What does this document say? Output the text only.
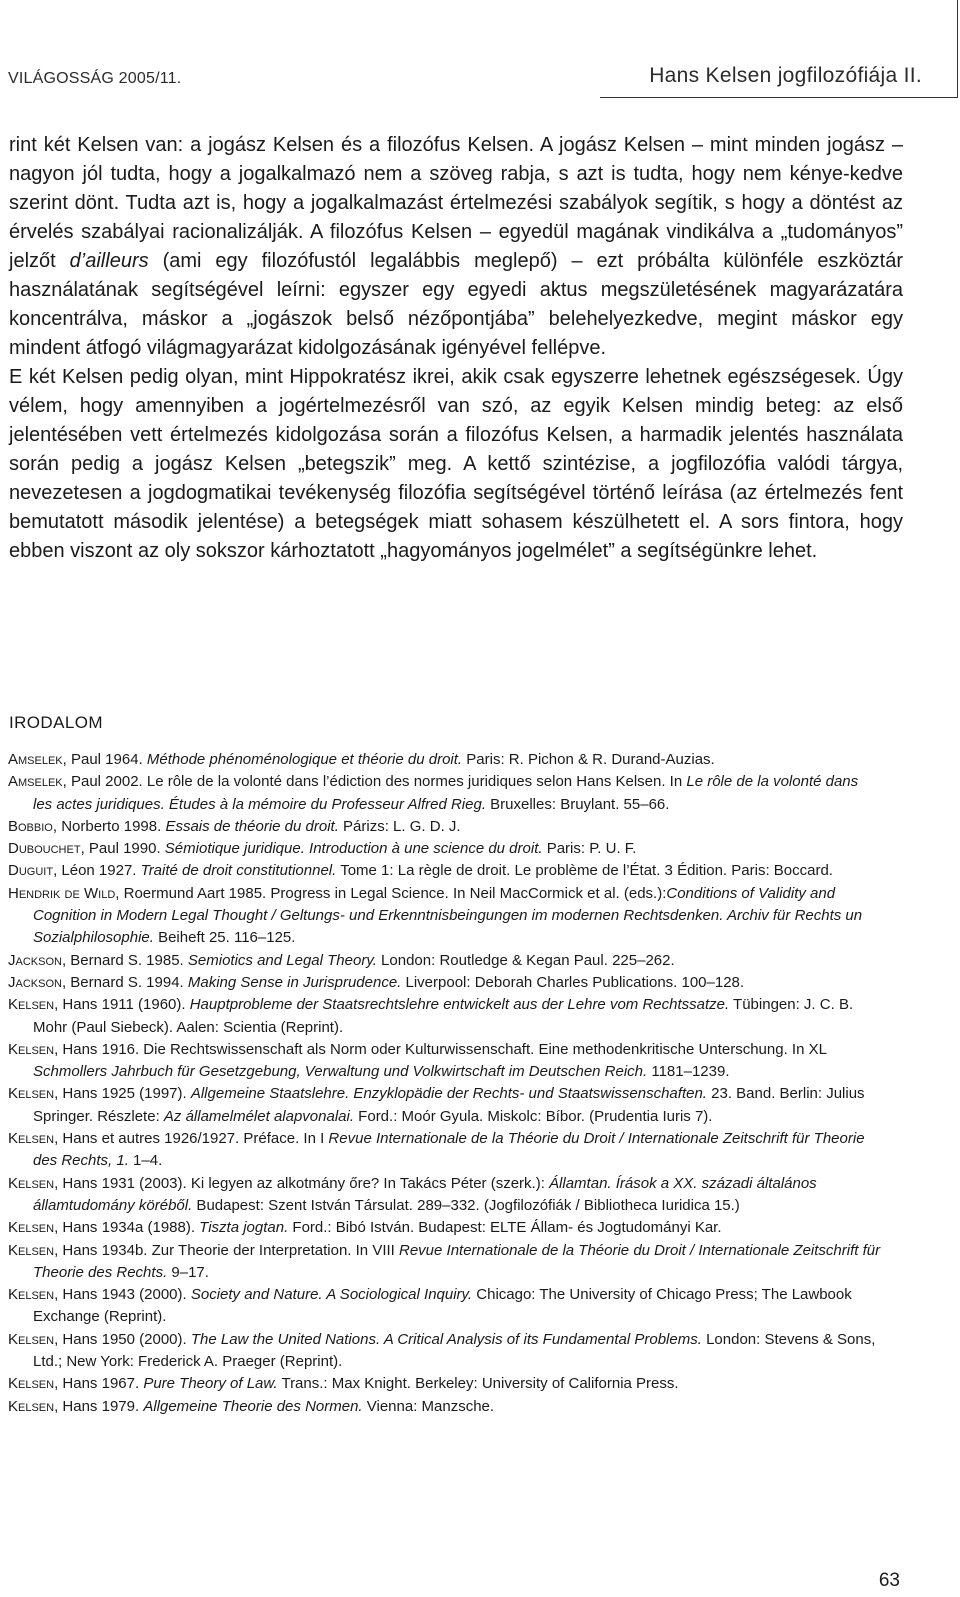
VILÁGOSSÁG 2005/11.	Hans Kelsen jogfilozófiája II.

rint két Kelsen van: a jogász Kelsen és a filozófus Kelsen. A jogász Kelsen – mint minden jogász – nagyon jól tudta, hogy a jogalkalmazó nem a szöveg rabja, s azt is tudta, hogy nem kénye-kedve szerint dönt. Tudta azt is, hogy a jogalkalmazást értelmezési szabályok segítik, s hogy a döntést az érvelés szabályai racionalizálják. A filozófus Kelsen – egyedül magának vindikálva a „tudományos” jelzőt d’ailleurs (ami egy filozófustól legalábbis meglepő) – ezt próbálta különféle eszköztár használatának segítségével leírni: egyszer egy egyedi aktus megszületésének magyarázatára koncentrálva, máskor a „jogászok belső nézőpontjába” belehelyezkedve, megint máskor egy mindent átfogó világmagyarázat kidolgozásának igényével fellépve.

E két Kelsen pedig olyan, mint Hippokratész ikrei, akik csak egyszerre lehetnek egészségesek. Úgy vélem, hogy amennyiben a jogértelmezésről van szó, az egyik Kelsen mindig beteg: az első jelentésében vett értelmezés kidolgozása során a filozófus Kelsen, a harmadik jelentés használata során pedig a jogász Kelsen „betegszik” meg. A kettő szintézise, a jogfilozófia valódi tárgya, nevezetesen a jogdogmatikai tevékenység filozófia segítségével történő leírása (az értelmezés fent bemutatott második jelentése) a betegségek miatt sohasem készülhetett el. A sors fintora, hogy ebben viszont az oly sokszor kárhoztatott „hagyományos jogelmélet” a segítségünkre lehet.

IRODALOM
Amselek, Paul 1964. Méthode phénoménologique et théorie du droit. Paris: R. Pichon & R. Durand-Auzias.
Amselek, Paul 2002. Le rôle de la volonté dans l’édiction des normes juridiques selon Hans Kelsen. In Le rôle de la volonté dans les actes juridiques. Études à la mémoire du Professeur Alfred Rieg. Bruxelles: Bruylant. 55–66.
Bobbio, Norberto 1998. Essais de théorie du droit. Párizs: L. G. D. J.
Dubouchet, Paul 1990. Sémiotique juridique. Introduction à une science du droit. Paris: P. U. F.
Duguit, Léon 1927. Traité de droit constitutionnel. Tome 1: La règle de droit. Le problème de l’État. 3 Édition. Paris: Boccard.
Hendrik de Wild, Roermund Aart 1985. Progress in Legal Science. In Neil MacCormick et al. (eds.):Conditions of Validity and Cognition in Modern Legal Thought / Geltungs- und Erkenntnisbeingungen im modernen Rechtsdenken. Archiv für Rechts un Sozialphilosophie. Beiheft 25. 116–125.
Jackson, Bernard S. 1985. Semiotics and Legal Theory. London: Routledge & Kegan Paul. 225–262.
Jackson, Bernard S. 1994. Making Sense in Jurisprudence. Liverpool: Deborah Charles Publications. 100–128.
Kelsen, Hans 1911 (1960). Hauptprobleme der Staatsrechtslehre entwickelt aus der Lehre vom Rechtssatze. Tübingen: J. C. B. Mohr (Paul Siebeck). Aalen: Scientia (Reprint).
Kelsen, Hans 1916. Die Rechtswissenschaft als Norm oder Kulturwissenschaft. Eine methodenkritische Unterschung. In XL Schmollers Jahrbuch für Gesetzgebung, Verwaltung und Volkwirtschaft im Deutschen Reich. 1181–1239.
Kelsen, Hans 1925 (1997). Allgemeine Staatslehre. Enzyklopädie der Rechts- und Staatswissenschaften. 23. Band. Berlin: Julius Springer. Részlete: Az államelmélet alapvonalai. Ford.: Moór Gyula. Miskolc: Bíbor. (Prudentia Iuris 7).
Kelsen, Hans et autres 1926/1927. Préface. In I Revue Internationale de la Théorie du Droit / Internationale Zeitschrift für Theorie des Rechts, 1. 1–4.
Kelsen, Hans 1931 (2003). Ki legyen az alkotmány őre? In Takács Péter (szerk.): Államtan. Írások a XX. századi általános államtudomány köréből. Budapest: Szent István Társulat. 289–332. (Jogfilozófiák / Bibliotheca Iuridica 15.)
Kelsen, Hans 1934a (1988). Tiszta jogtan. Ford.: Bibó István. Budapest: ELTE Állam- és Jogtudományi Kar.
Kelsen, Hans 1934b. Zur Theorie der Interpretation. In VIII Revue Internationale de la Théorie du Droit / Internationale Zeitschrift für Theorie des Rechts. 9–17.
Kelsen, Hans 1943 (2000). Society and Nature. A Sociological Inquiry. Chicago: The University of Chicago Press; The Lawbook Exchange (Reprint).
Kelsen, Hans 1950 (2000). The Law the United Nations. A Critical Analysis of its Fundamental Problems. London: Stevens & Sons, Ltd.; New York: Frederick A. Praeger (Reprint).
Kelsen, Hans 1967. Pure Theory of Law. Trans.: Max Knight. Berkeley: University of California Press.
Kelsen, Hans 1979. Allgemeine Theorie des Normen. Vienna: Manzsche.
63
